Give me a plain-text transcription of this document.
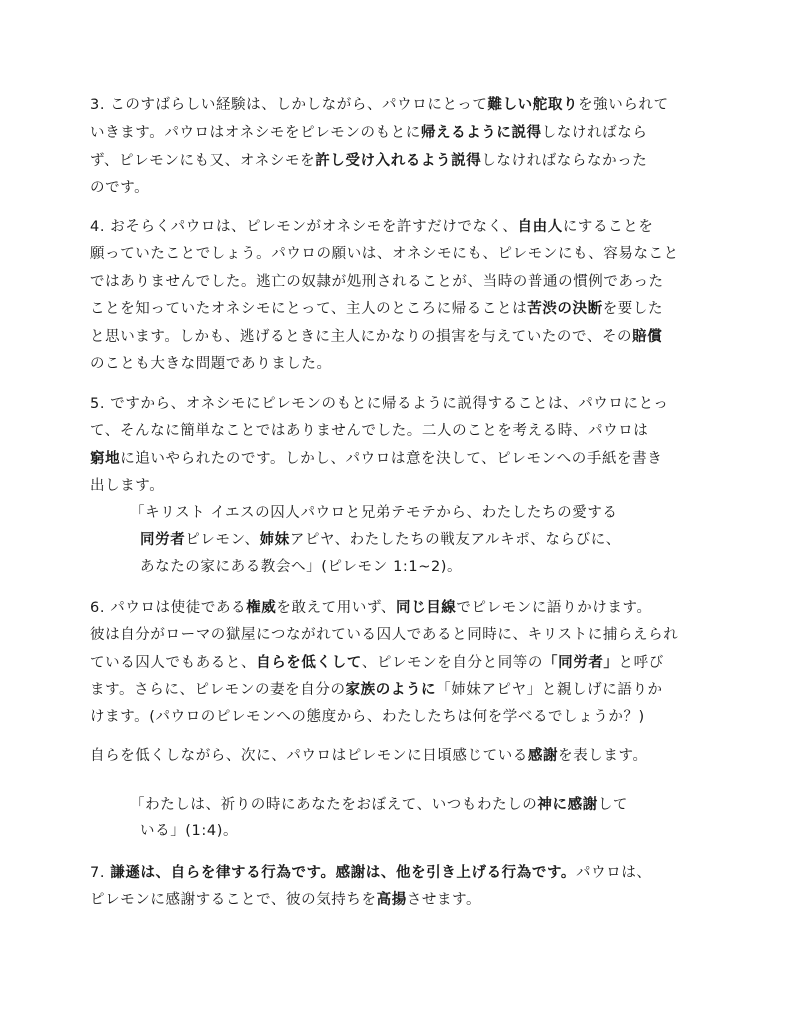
3. このすばらしい経験は、しかしながら、パウロにとって難しい舵取りを強いられて
いきます。パウロはオネシモをピレモンのもとに帰えるように説得しなければなら
ず、ピレモンにも又、オネシモを許し受け入れるよう説得しなければならなかった
のです。
4. おそらくパウロは、ピレモンがオネシモを許すだけでなく、自由人にすることを
願っていたことでしょう。パウロの願いは、オネシモにも、ピレモンにも、容易なこと
ではありませんでした。逃亡の奴隷が処刑されることが、当時の普通の慣例であった
ことを知っていたオネシモにとって、主人のところに帰ることは苦渋の決断を要した
と思います。しかも、逃げるときに主人にかなりの損害を与えていたので、その賠償
のことも大きな問題でありました。
5. ですから、オネシモにピレモンのもとに帰るように説得することは、パウロにとっ
て、そんなに簡単なことではありませんでした。二人のことを考える時、パウロは
窮地に追いやられたのです。しかし、パウロは意を決して、ピレモンへの手紙を書き
出します。
「キリスト イエスの囚人パウロと兄弟テモテから、わたしたちの愛する
同労者ピレモン、姉妹アピヤ、わたしたちの戦友アルキポ、ならびに、
あなたの家にある教会へ」(ピレモン 1:1~2)。
6. パウロは使徒である権威を敢えて用いず、同じ目線でピレモンに語りかけます。
彼は自分がローマの獄屋につながれている囚人であると同時に、キリストに捕らえられ
ている囚人でもあると、自らを低くして、ピレモンを自分と同等の「同労者」と呼び
ます。さらに、ピレモンの妻を自分の家族のように「姉妹アピヤ」と親しげに語りか
けます。(パウロのピレモンへの態度から、わたしたちは何を学べるでしょうか？)
自らを低くしながら、次に、パウロはピレモンに日頃感じている感謝を表します。
「わたしは、祈りの時にあなたをおぼえて、いつもわたしの神に感謝して
いる」(1:4)。
7. 謙遜は、自らを律する行為です。感謝は、他を引き上げる行為です。パウロは、
ピレモンに感謝することで、彼の気持ちを高揚させます。
